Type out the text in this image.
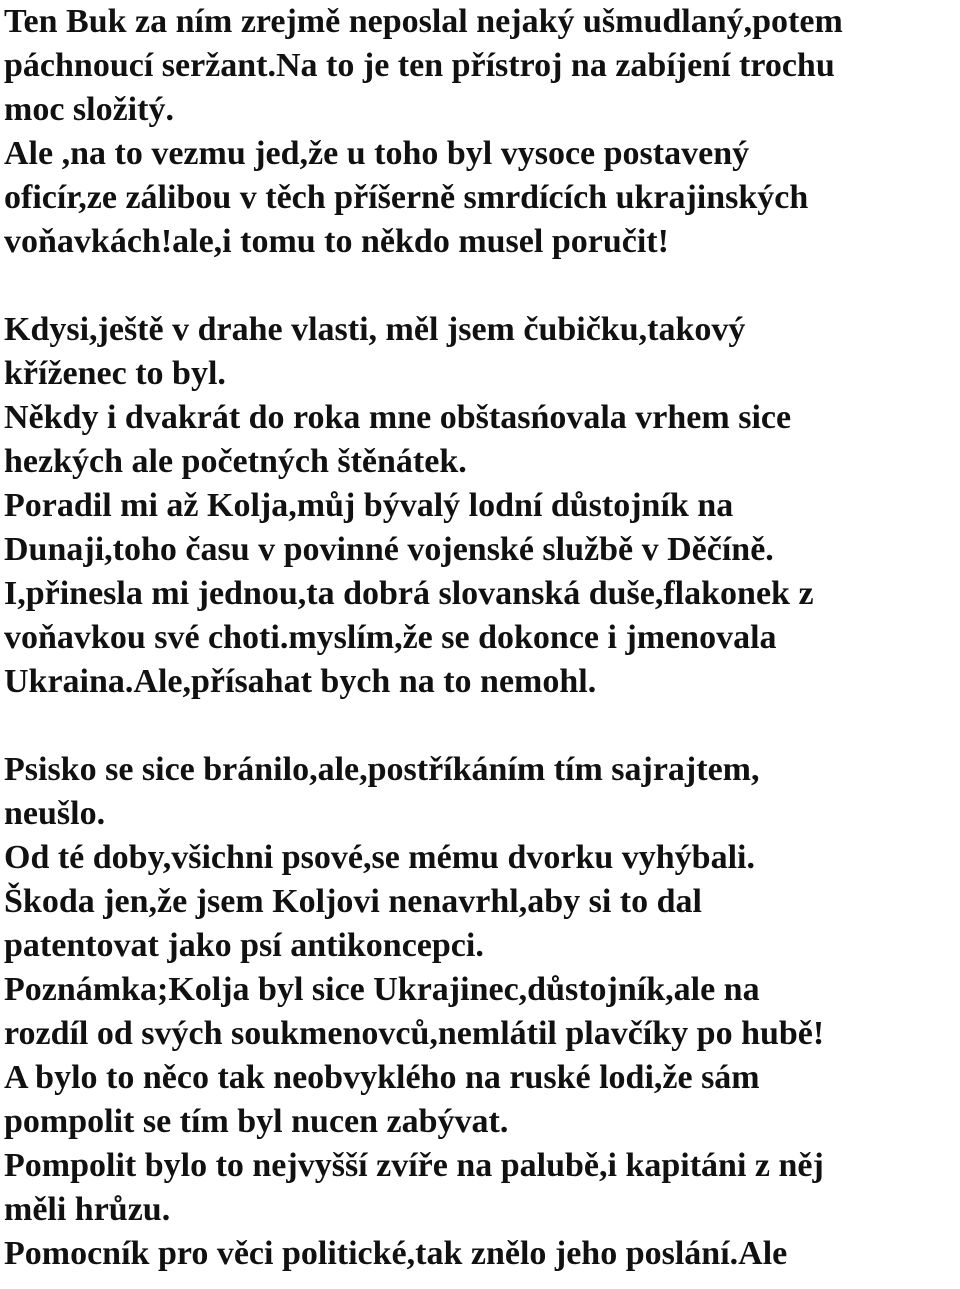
Ten Buk za ním zrejmě neposlal nejaký ušmudlaný,potem
páchnoucí seržant.Na to je ten přístroj na zabíjení trochu
moc složitý.
Ale ,na to vezmu jed,že u toho byl vysoce postavený
oficír,ze zálibou v těch příšerně smrdících ukrajinských
voňavkách!ale,i tomu to někdo musel poručit!
Kdysi,ještě v drahe vlasti, měl jsem čubičku,takový
kříženec to byl.
Někdy i dvakrát do roka mne obštasńovala vrhem sice
hezkých ale početných štěnátek.
Poradil mi až Kolja,můj bývalý lodní důstojník na
Dunaji,toho času v povinné vojenské službě v Děčíně.
I,přinesla mi jednou,ta dobrá slovanská duše,flakonek z
voňavkou své choti.myslím,že se dokonce i jmenovala
Ukraina.Ale,přísahat bych na to nemohl.
Psisko se sice bránilo,ale,postříkáním tím sajrajtem,
neušlo.
Od té doby,všichni psové,se mému dvorku vyhýbali.
Škoda jen,že jsem Koljovi nenavrhl,aby si to dal
patentovat jako psí antikoncepci.
Poznámka;Kolja byl sice Ukrajinec,důstojník,ale na
rozdíl od svých soukmenovců,nemlátil plavčíky po hubě!
A bylo to něco tak neobvyklého na ruské lodi,že sám
pompolit se tím byl nucen zabývat.
Pompolit bylo to nejvyšší zvíře na palubě,i kapitáni z něj
měli hrůzu.
Pomocník pro věci politické,tak znělo jeho poslání.Ale
